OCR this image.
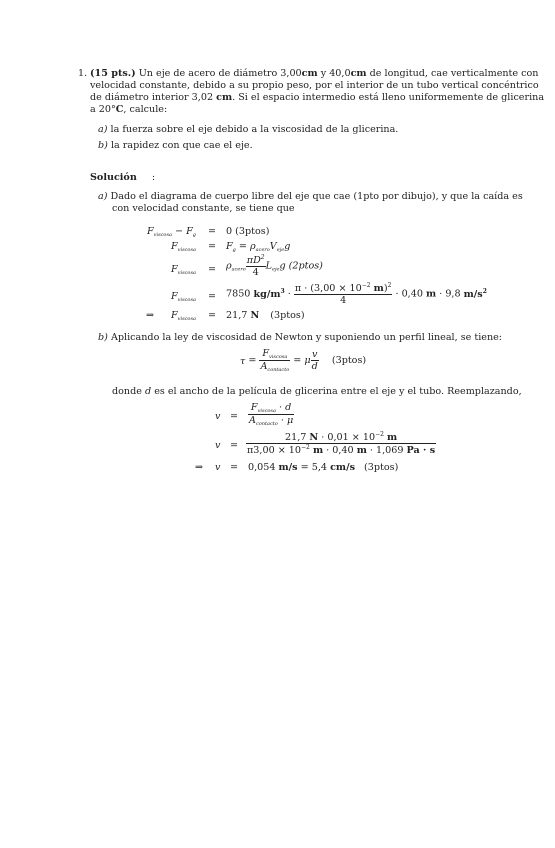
1. (15 pts.) Un eje de acero de diámetro 3,00cm y 40,0cm de longitud, cae verticalmente con
velocidad constante, debido a su propio peso, por el interior de un tubo vertical concéntrico
de diámetro interior 3,02 cm. Si el espacio intermedio está lleno uniformemente de glicerina
a 20°C, calcule:
a) la fuerza sobre el eje debido a la viscosidad de la glicerina.
b) la rapidez con que cae el eje.
Solución :
a) Dado el diagrama de cuerpo libre del eje que cae (1pto por dibujo), y que la caída es
con velocidad constante, se tiene que
$F_{viscosa} - F_g = 0$ (3ptos)
$F_{viscosa} = F_g = \rho_{acero}V_{eje}g$
$F_{viscosa} = \rho_{acero} \frac{\pi D^2}{4} L_{eje}g$ (2ptos)
$F_{viscosa} = 7850$ $kg/m^3 \cdot \frac{\pi \cdot (3,00 \times 10^{-2} m)^2}{4} \cdot 0,40$ m · 9,8 $m/s^2$
⇒	$F_{viscosa} = 21,7$ N (3ptos)
b) Aplicando la ley de viscosidad de Newton y suponiendo un perfil lineal, se tiene:
$\tau = \frac{F_{viscosa}}{A_{contacto}} = \mu \frac{v}{d}$ (3ptos)
donde d es el ancho de la película de glicerina entre el eje y el tubo. Reemplazando,
$v = \frac{F_{viscosa} \cdot d}{A_{contacto} \cdot \mu}$
$v = \frac{21,7 N \cdot 0,01 \times 10^{-2} m}{\pi 3,00 \times 10^{-2} m \cdot 0,40 m \cdot 1,069 Pa \cdot s}$
⇒ v = 0,054 m/s = 5,4 cm/s (3ptos)
